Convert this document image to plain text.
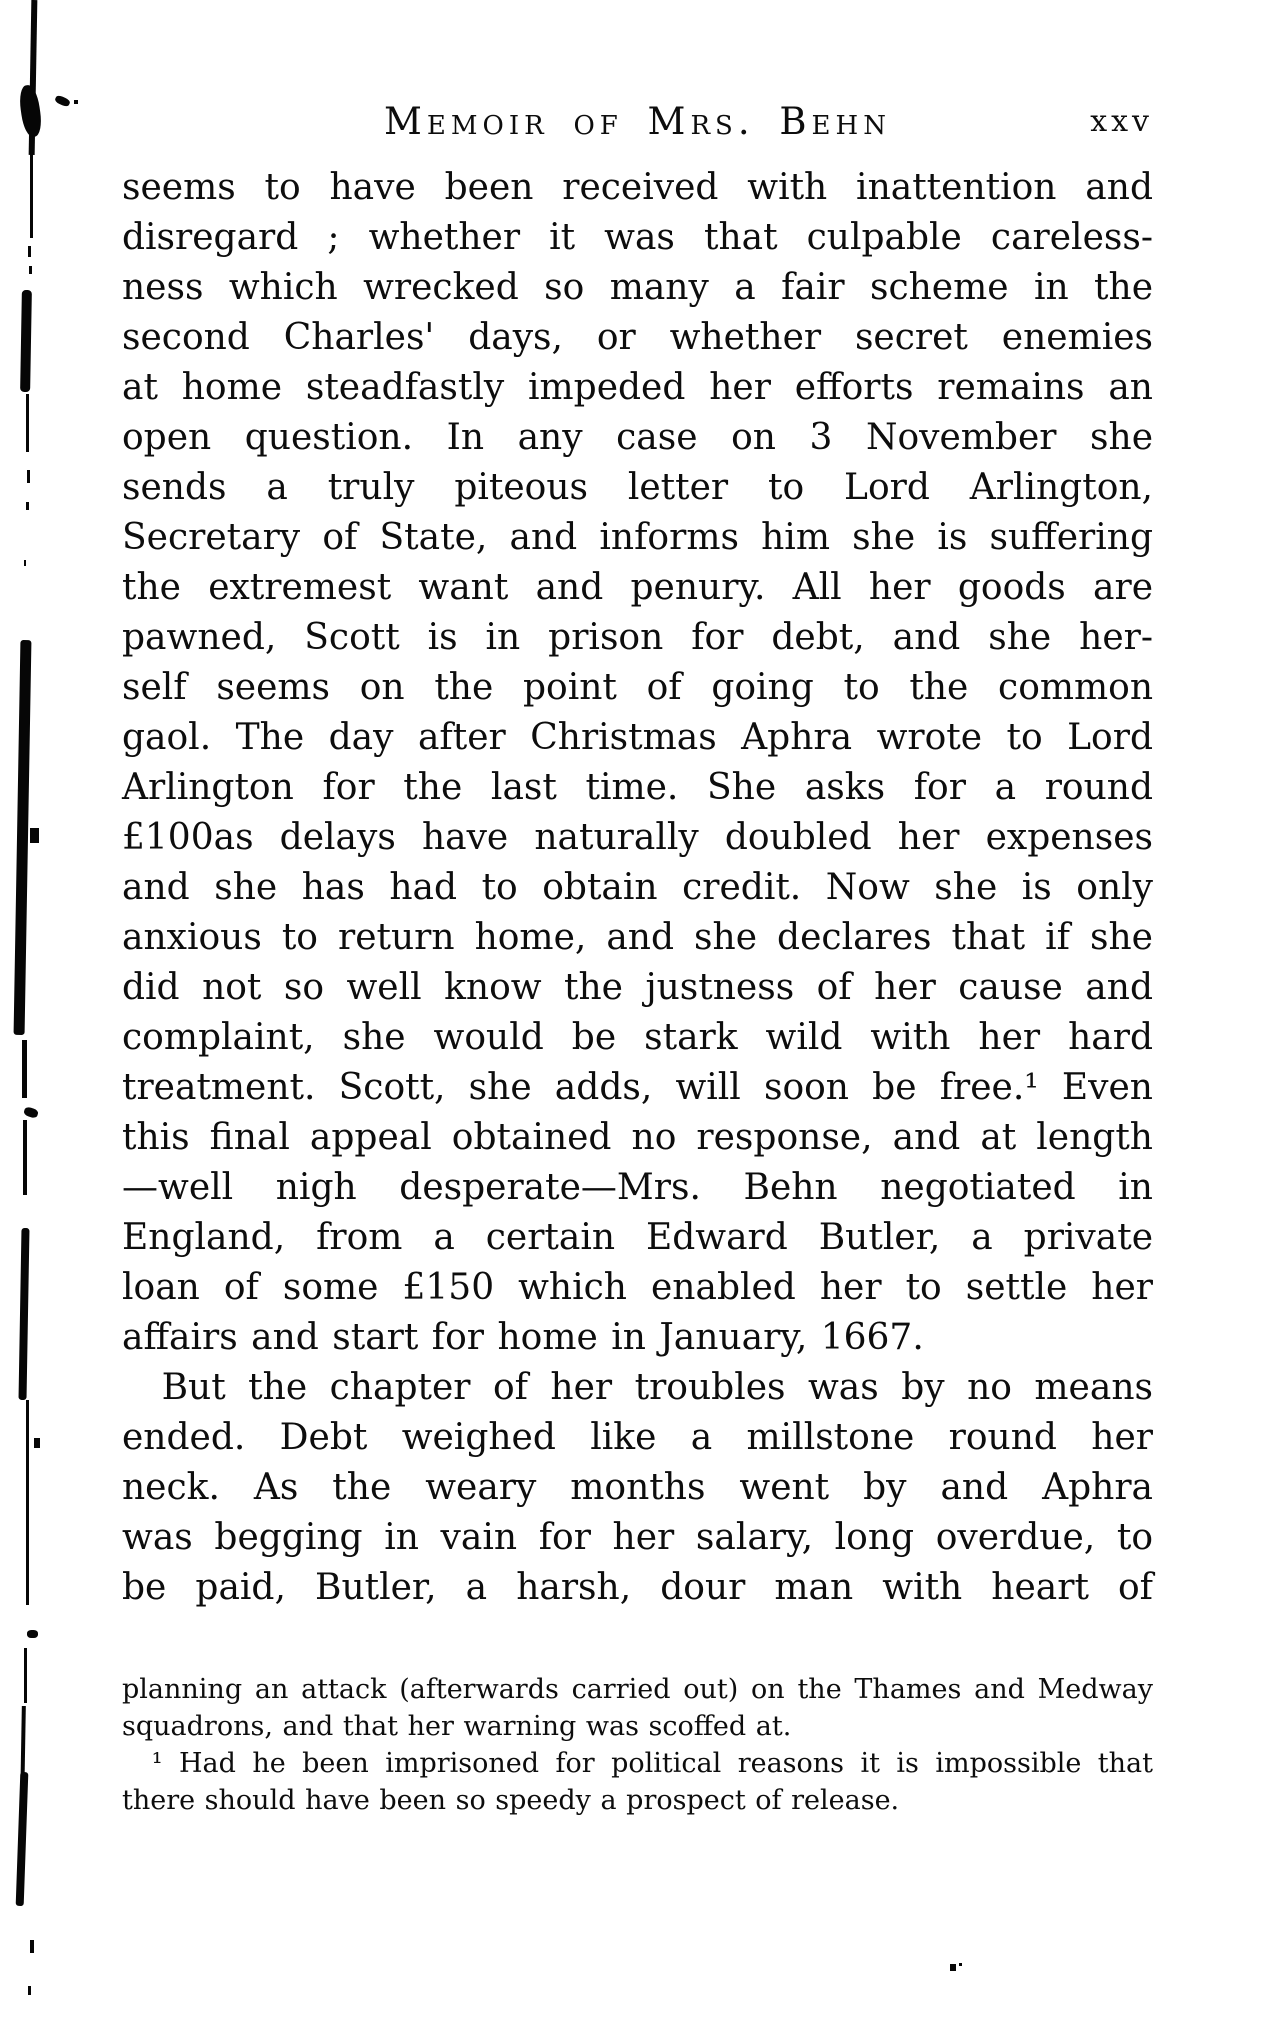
Memoir of Mrs. Behn	xxv
seems to have been received with inattention and
disregard ; whether it was that culpable careless-
ness which wrecked so many a fair scheme in the
second Charles' days, or whether secret enemies
at home steadfastly impeded her efforts remains an
open question. In any case on 3 November she
sends a truly piteous letter to Lord Arlington,
Secretary of State, and informs him she is suffering
the extremest want and penury. All her goods are
pawned, Scott is in prison for debt, and she her-
self seems on the point of going to the common
gaol. The day after Christmas Aphra wrote to Lord
Arlington for the last time. She asks for a round
£100as delays have naturally doubled her expenses
and she has had to obtain credit. Now she is only
anxious to return home, and she declares that if she
did not so well know the justness of her cause and
complaint, she would be stark wild with her hard
treatment. Scott, she adds, will soon be free.¹ Even
this final appeal obtained no response, and at length
—well nigh desperate—Mrs. Behn negotiated in
England, from a certain Edward Butler, a private
loan of some £150 which enabled her to settle her
affairs and start for home in January, 1667.
But the chapter of her troubles was by no means
ended. Debt weighed like a millstone round her
neck. As the weary months went by and Aphra
was begging in vain for her salary, long overdue, to
be paid, Butler, a harsh, dour man with heart of
planning an attack (afterwards carried out) on the Thames and Medway
squadrons, and that her warning was scoffed at.
¹ Had he been imprisoned for political reasons it is impossible that
there should have been so speedy a prospect of release.
